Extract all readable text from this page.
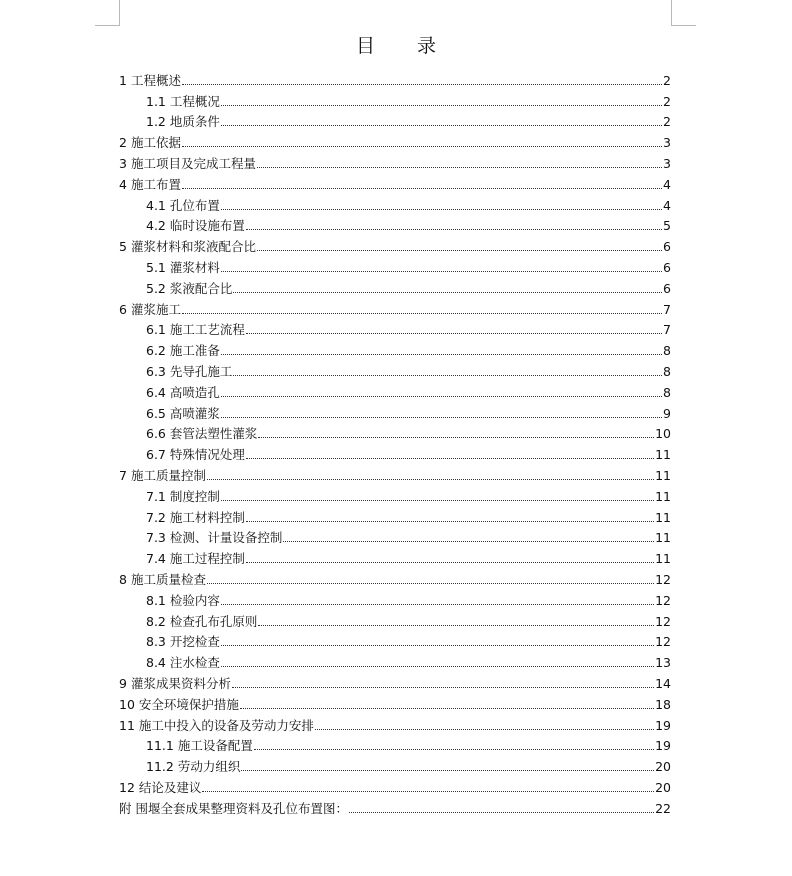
目 录
1 工程概述	2
1.1 工程概况	2
1.2 地质条件	2
2 施工依据	3
3 施工项目及完成工程量	3
4 施工布置	4
4.1 孔位布置	4
4.2 临时设施布置	5
5 灌浆材料和浆液配合比	6
5.1 灌浆材料	6
5.2 浆液配合比	6
6 灌浆施工	7
6.1 施工工艺流程	7
6.2 施工准备	8
6.3 先导孔施工	8
6.4 高喷造孔	8
6.5 高喷灌浆	9
6.6 套管法塑性灌浆	10
6.7 特殊情况处理	11
7 施工质量控制	11
7.1 制度控制	11
7.2 施工材料控制	11
7.3 检测、计量设备控制	11
7.4 施工过程控制	11
8 施工质量检查	12
8.1 检验内容	12
8.2 检查孔布孔原则	12
8.3 开挖检查	12
8.4 注水检查	13
9 灌浆成果资料分析	14
10 安全环境保护措施	18
11 施工中投入的设备及劳动力安排	19
11.1 施工设备配置	19
11.2 劳动力组织	20
12 结论及建议	20
附 围堰全套成果整理资料及孔位布置图：	22
